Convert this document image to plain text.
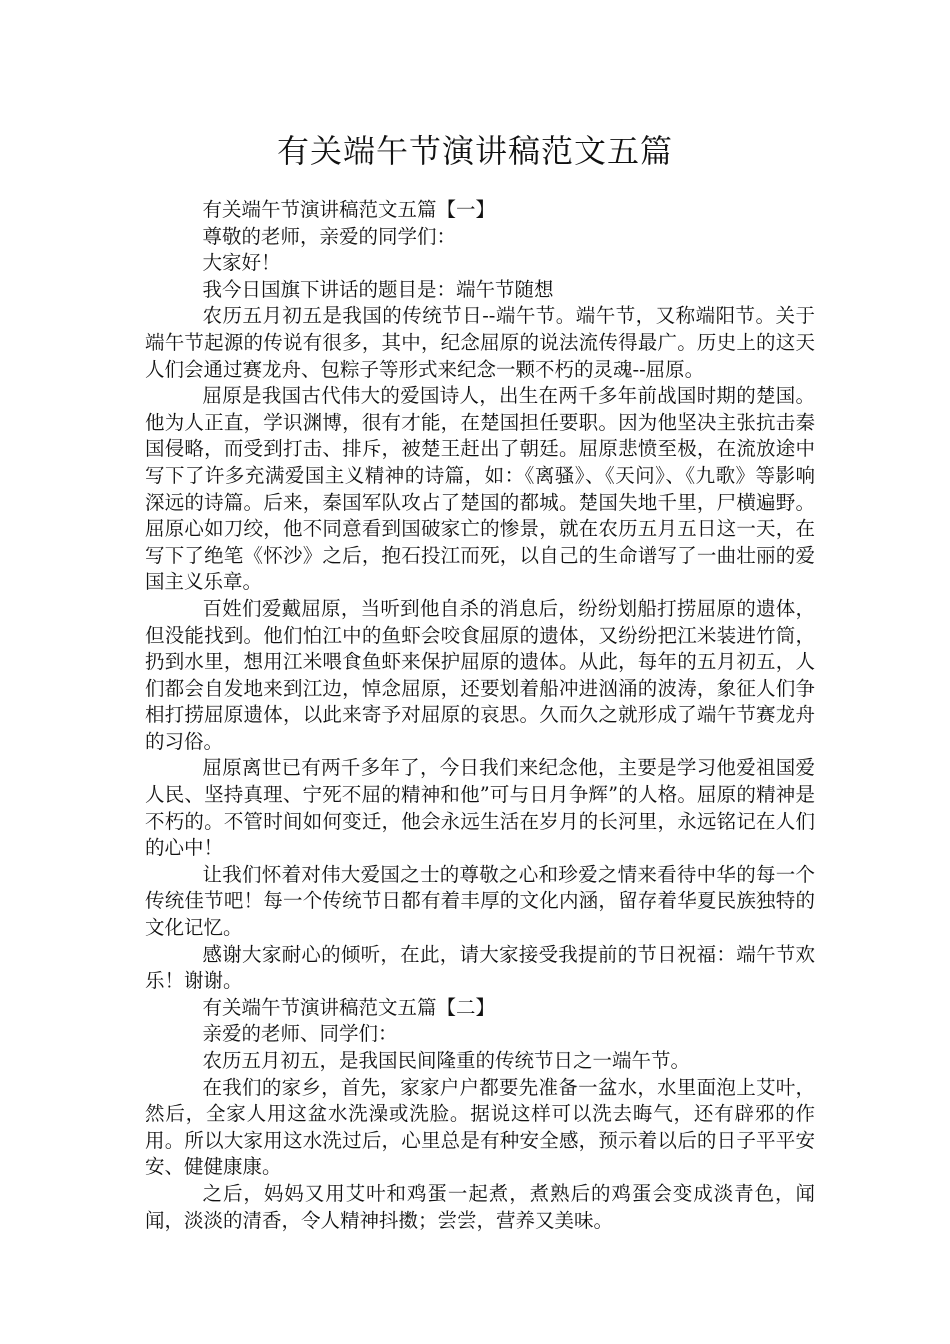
有关端午节演讲稿范文五篇

有关端午节演讲稿范文五篇【一】

尊敬的老师，亲爱的同学们：

大家好！

我今日国旗下讲话的题目是：端午节随想

农历五月初五是我国的传统节日--端午节。端午节，又称端阳节。关于端午节起源的传说有很多，其中，纪念屈原的说法流传得最广。历史上的这天人们会通过赛龙舟、包粽子等形式来纪念一颗不朽的灵魂--屈原。

屈原是我国古代伟大的爱国诗人，出生在两千多年前战国时期的楚国。他为人正直，学识渊博，很有才能，在楚国担任要职。因为他坚决主张抗击秦国侵略，而受到打击、排斥，被楚王赶出了朝廷。屈原悲愤至极，在流放途中写下了许多充满爱国主义精神的诗篇，如：《离骚》、《天问》、《九歌》等影响深远的诗篇。后来，秦国军队攻占了楚国的都城。楚国失地千里，尸横遍野。屈原心如刀绞，他不同意看到国破家亡的惨景，就在农历五月五日这一天，在写下了绝笔《怀沙》之后，抱石投江而死，以自己的生命谱写了一曲壮丽的爱国主义乐章。

百姓们爱戴屈原，当听到他自杀的消息后，纷纷划船打捞屈原的遗体，但没能找到。他们怕江中的鱼虾会咬食屈原的遗体，又纷纷把江米装进竹筒，扔到水里，想用江米喂食鱼虾来保护屈原的遗体。从此，每年的五月初五，人们都会自发地来到江边，悼念屈原，还要划着船冲进汹涌的波涛，象征人们争相打捞屈原遗体，以此来寄予对屈原的哀思。久而久之就形成了端午节赛龙舟的习俗。

屈原离世已有两千多年了，今日我们来纪念他，主要是学习他爱祖国爱人民、坚持真理、宁死不屈的精神和他”可与日月争辉”的人格。屈原的精神是不朽的。不管时间如何变迁，他会永远生活在岁月的长河里，永远铭记在人们的心中！

让我们怀着对伟大爱国之士的尊敬之心和珍爱之情来看待中华的每一个传统佳节吧！每一个传统节日都有着丰厚的文化内涵，留存着华夏民族独特的文化记忆。

感谢大家耐心的倾听，在此，请大家接受我提前的节日祝福：端午节欢乐！谢谢。

有关端午节演讲稿范文五篇【二】

亲爱的老师、同学们：

农历五月初五，是我国民间隆重的传统节日之一端午节。

在我们的家乡，首先，家家户户都要先准备一盆水，水里面泡上艾叶，然后，全家人用这盆水洗澡或洗脸。据说这样可以洗去晦气，还有辟邪的作用。所以大家用这水洗过后，心里总是有种安全感，预示着以后的日子平平安安、健健康康。

之后，妈妈又用艾叶和鸡蛋一起煮，煮熟后的鸡蛋会变成淡青色，闻闻，淡淡的清香，令人精神抖擞；尝尝，营养又美味。
